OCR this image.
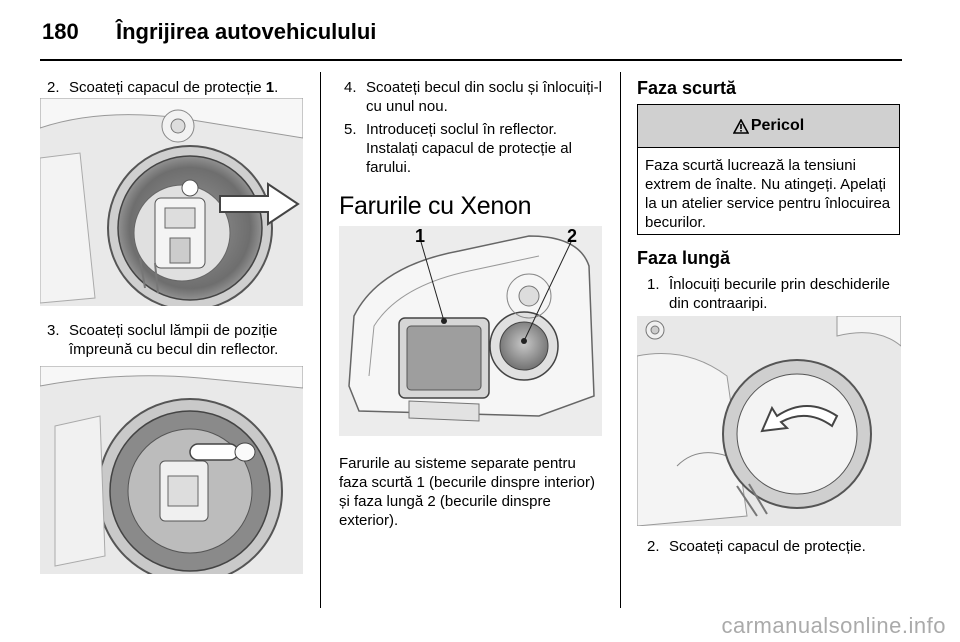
180 Îngrijirea autovehiculului
2. Scoateți capacul de protecție 1.
3. Scoateți soclul lămpii de poziție împreună cu becul din reflector.
4. Scoateți becul din soclu și înlocuiți-l cu unul nou.
5. Introduceți soclul în reflector. Instalați capacul de protecție al farului.
Farurile cu Xenon
1	2
Farurile au sisteme separate pentru faza scurtă 1 (becurile dinspre interior) și faza lungă 2 (becurile dinspre exterior).
Faza scurtă
Pericol
Faza scurtă lucrează la tensiuni extrem de înalte. Nu atingeți. Apelați la un atelier service pentru înlocuirea becurilor.
Faza lungă
1. Înlocuiți becurile prin deschiderile din contraaripi.
2. Scoateți capacul de protecție.
carmanualsonline.info
